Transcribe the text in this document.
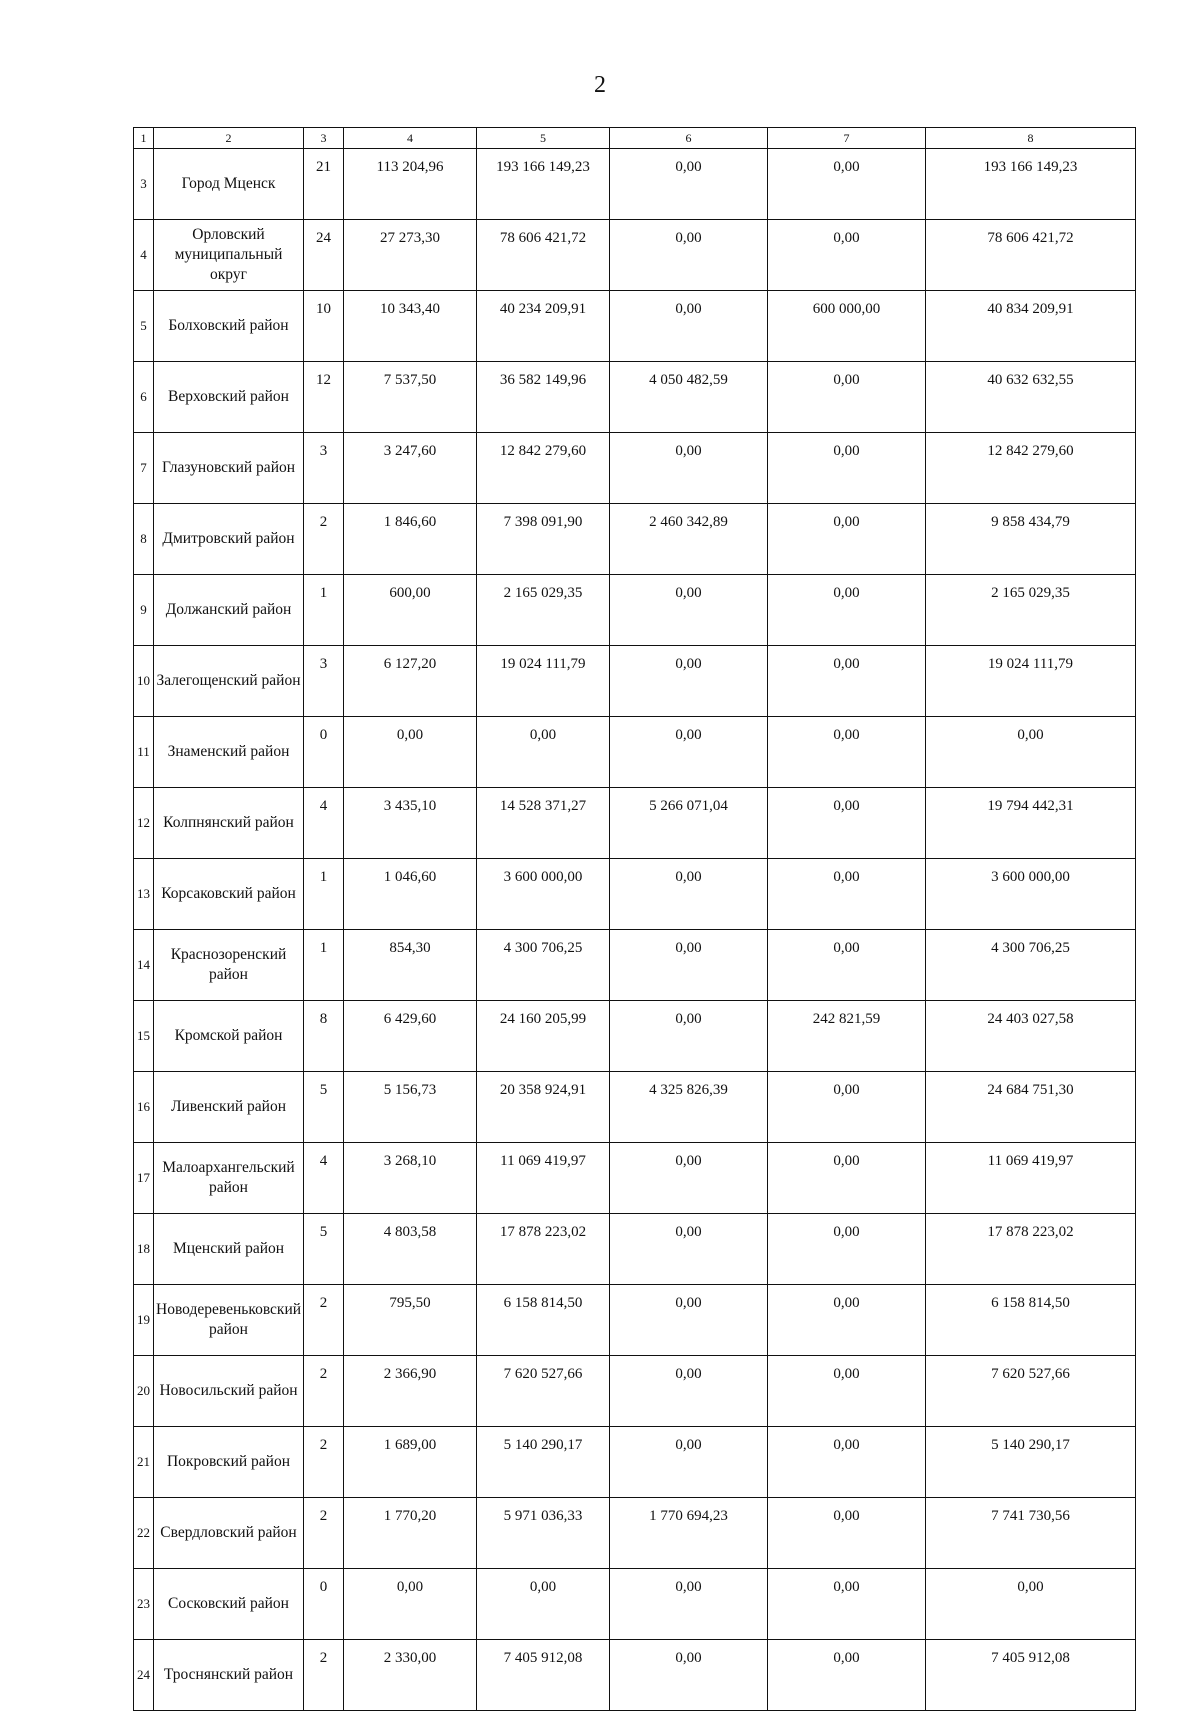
2
1	2	3	4	5	6	7	8
3	Город Мценск	21	113 204,96	193 166 149,23	0,00	0,00	193 166 149,23
4	Орловский муниципальный округ	24	27 273,30	78 606 421,72	0,00	0,00	78 606 421,72
5	Болховский район	10	10 343,40	40 234 209,91	0,00	600 000,00	40 834 209,91
6	Верховский район	12	7 537,50	36 582 149,96	4 050 482,59	0,00	40 632 632,55
7	Глазуновский район	3	3 247,60	12 842 279,60	0,00	0,00	12 842 279,60
8	Дмитровский район	2	1 846,60	7 398 091,90	2 460 342,89	0,00	9 858 434,79
9	Должанский район	1	600,00	2 165 029,35	0,00	0,00	2 165 029,35
10	Залегощенский район	3	6 127,20	19 024 111,79	0,00	0,00	19 024 111,79
11	Знаменский район	0	0,00	0,00	0,00	0,00	0,00
12	Колпнянский район	4	3 435,10	14 528 371,27	5 266 071,04	0,00	19 794 442,31
13	Корсаковский район	1	1 046,60	3 600 000,00	0,00	0,00	3 600 000,00
14	Краснозоренский район	1	854,30	4 300 706,25	0,00	0,00	4 300 706,25
15	Кромской район	8	6 429,60	24 160 205,99	0,00	242 821,59	24 403 027,58
16	Ливенский район	5	5 156,73	20 358 924,91	4 325 826,39	0,00	24 684 751,30
17	Малоархангельский район	4	3 268,10	11 069 419,97	0,00	0,00	11 069 419,97
18	Мценский район	5	4 803,58	17 878 223,02	0,00	0,00	17 878 223,02
19	Новодеревеньковский район	2	795,50	6 158 814,50	0,00	0,00	6 158 814,50
20	Новосильский район	2	2 366,90	7 620 527,66	0,00	0,00	7 620 527,66
21	Покровский район	2	1 689,00	5 140 290,17	0,00	0,00	5 140 290,17
22	Свердловский район	2	1 770,20	5 971 036,33	1 770 694,23	0,00	7 741 730,56
23	Сосковский район	0	0,00	0,00	0,00	0,00	0,00
24	Троснянский район	2	2 330,00	7 405 912,08	0,00	0,00	7 405 912,08
